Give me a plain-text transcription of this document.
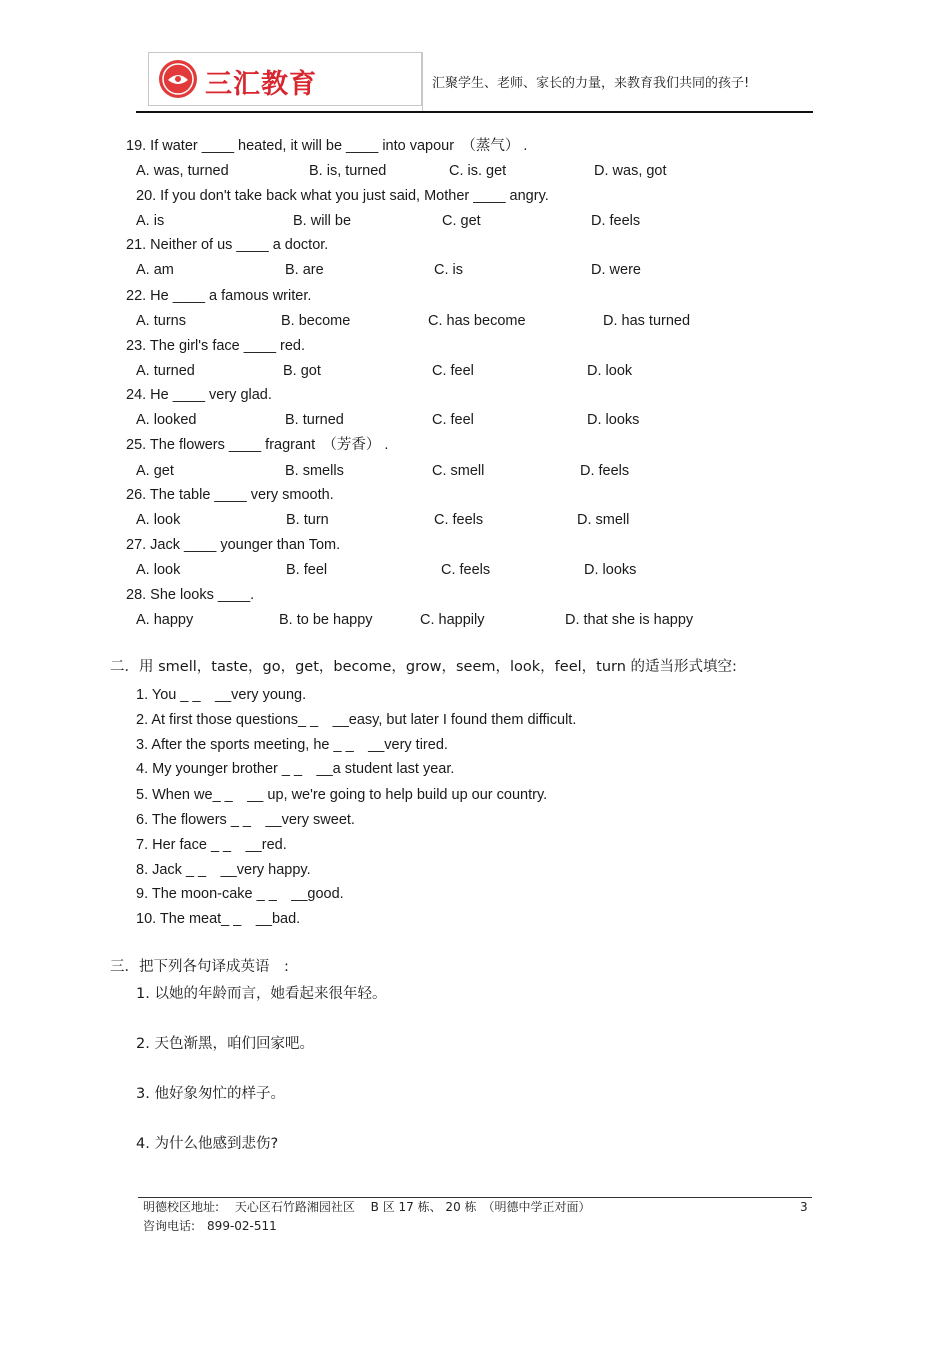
三汇教育	汇聚学生、老师、家长的力量，来教育我们共同的孩子!
19. If water ____ heated, it will be ____ into vapour　（蒸气） .
A. was, turned	B. is, turned	C. is. get	D. was, got
20. If you don't take back what you just said, Mother ____ angry.
A. is	B. will be	C. get	D. feels
21. Neither of us ____ a doctor.
A. am	B. are	C. is	D. were
22. He ____ a famous writer.
A. turns	B. become	C. has become	D. has turned
23. The girl's face ____ red.
A. turned	B. got	C. feel	D. look
24. He ____ very glad.
A. looked	B. turned	C. feel	D. looks
25. The flowers ____ fragrant　（芳香） .
A. get	B. smells	C. smell	D. feels
26. The table ____ very smooth.
A. look	B. turn	C. feels	D. smell
27. Jack ____ younger than Tom.
A. look	B. feel	C. feels	D. looks
28. She looks ____.
A. happy	B. to be happy	C. happily	D. that she is happy
二．用 smell，taste，go，get，become，grow，seem，look，feel，turn 的适当形式填空:
1. You _ _　__very young.
2. At first those questions_ _　__easy, but later I found them difficult.
3. After the sports meeting, he _ _　__very tired.
4. My younger brother _ _　__a student last year.
5. When we_ _　__ up, we're going to help build up our country.
6. The flowers _ _　__very sweet.
7. Her face _ _　__red.
8. Jack _ _　__very happy.
9. The moon-cake _ _　__good.
10. The meat_ _　__bad.
三．把下列各句译成英语　:
1. 以她的年龄而言，她看起来很年轻。
2. 天色渐黑，咱们回家吧。
3. 他好象匆忙的样子。
4. 为什么他感到悲伤?
明德校区地址:　 天心区石竹路湘园社区　 B 区 17 栋、 20 栋　（明德中学正对面）
咨询电话:　899-02-511
3
